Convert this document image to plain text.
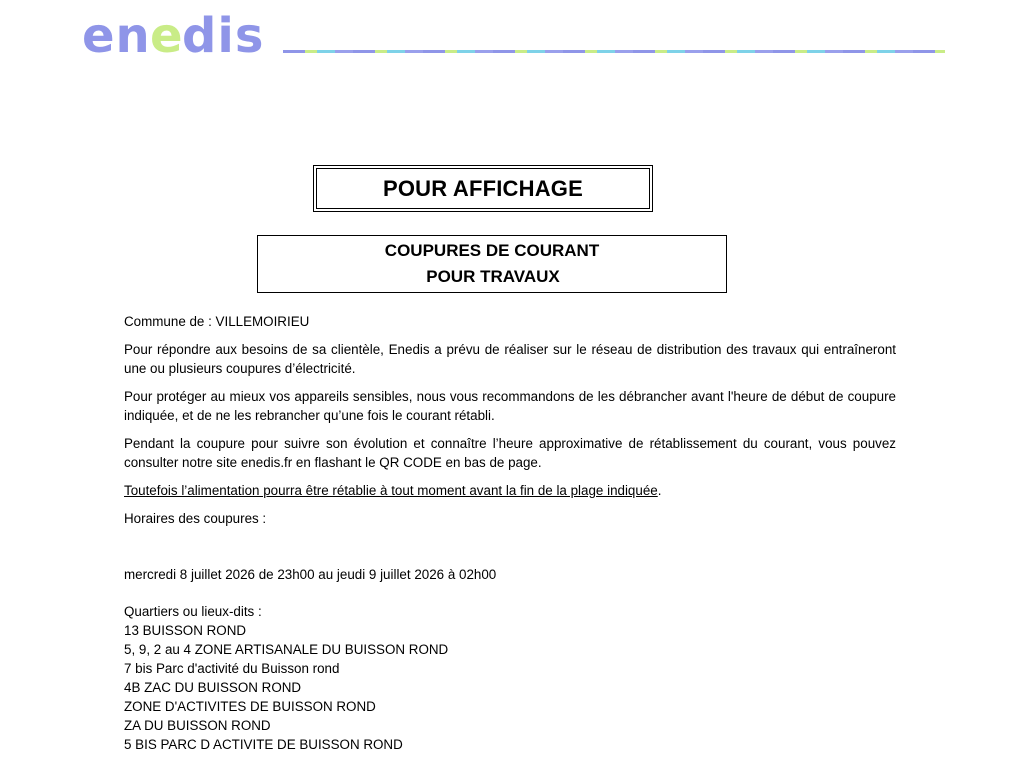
en e dis
POUR AFFICHAGE
COUPURES DE COURANT
POUR TRAVAUX

Commune de : VILLEMOIRIEU

Pour répondre aux besoins de sa clientèle, Enedis a prévu de réaliser sur le réseau de distribution des travaux qui entraîneront une ou plusieurs coupures d’électricité.

Pour protéger au mieux vos appareils sensibles, nous vous recommandons de les débrancher avant l'heure de début de coupure indiquée, et de ne les rebrancher qu’une fois le courant rétabli.

Pendant la coupure pour suivre son évolution et connaître l’heure approximative de rétablissement du courant, vous pouvez consulter notre site enedis.fr en flashant le QR CODE en bas de page.

Toutefois l’alimentation pourra être rétablie à tout moment avant la fin de la plage indiquée.

Horaires des coupures :

mercredi 8 juillet 2026 de 23h00 au jeudi 9 juillet 2026 à 02h00

Quartiers ou lieux-dits :
13 BUISSON ROND
5, 9, 2 au 4 ZONE ARTISANALE DU BUISSON ROND
7 bis Parc d'activité du Buisson rond
4B ZAC DU BUISSON ROND
ZONE D'ACTIVITES DE BUISSON ROND
ZA DU BUISSON ROND
5 BIS PARC D ACTIVITE DE BUISSON ROND
